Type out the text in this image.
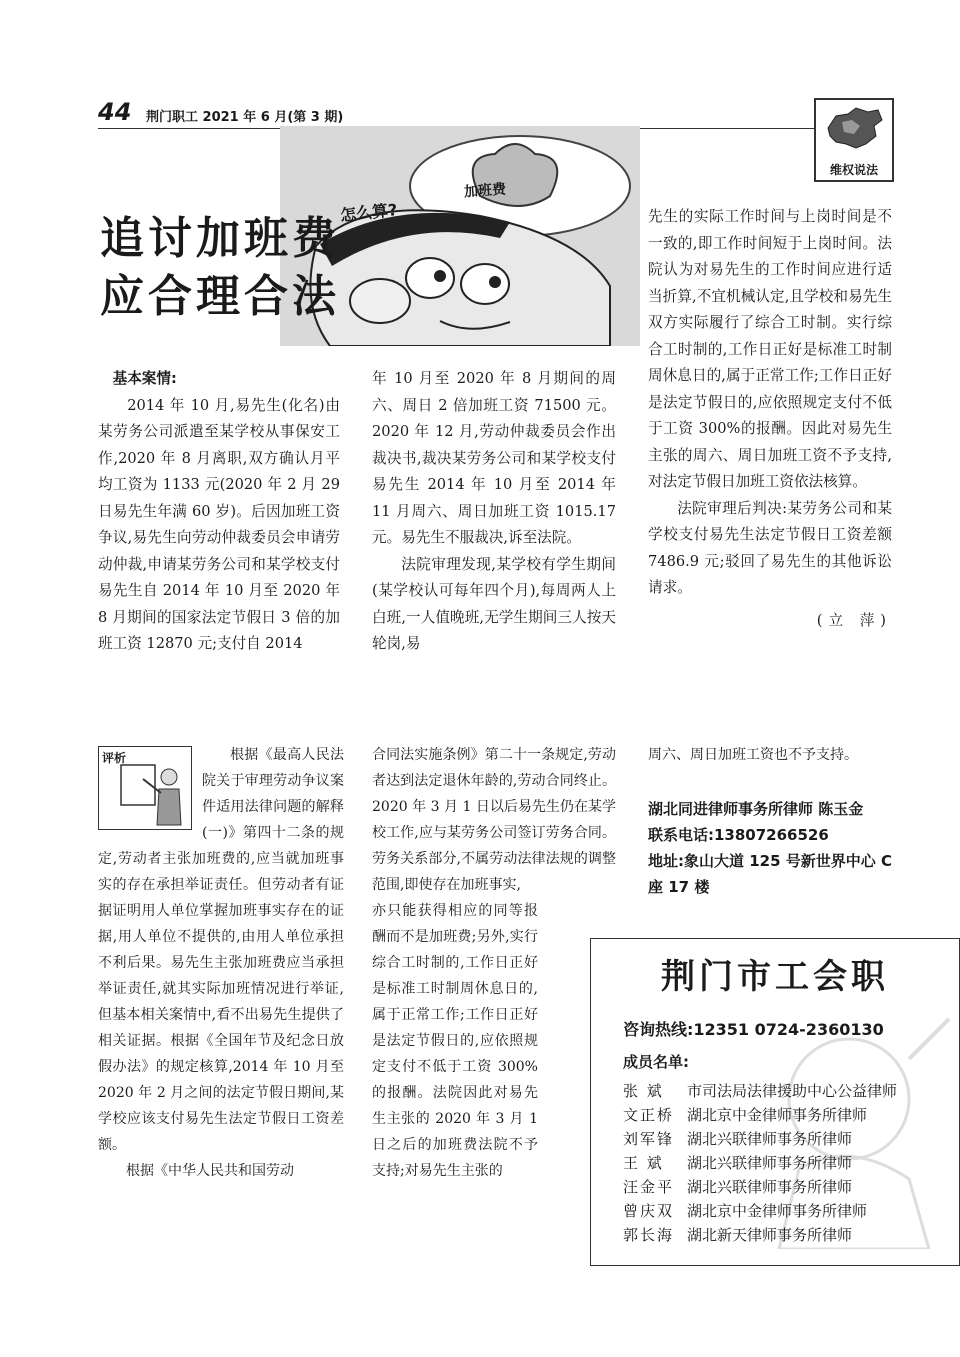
44 荆门职工 2021 年 6 月(第 3 期)
维权说法
加班费
怎么算?
追讨加班费
应合理合法

基本案情:

2014 年 10 月,易先生(化名)由某劳务公司派遣至某学校从事保安工作,2020 年 8 月离职,双方确认月平均工资为 1133 元(2020 年 2 月 29 日易先生年满 60 岁)。后因加班工资争议,易先生向劳动仲裁委员会申请劳动仲裁,申请某劳务公司和某学校支付易先生自 2014 年 10 月至 2020 年 8 月期间的国家法定节假日 3 倍的加班工资 12870 元;支付自 2014

年 10 月至 2020 年 8 月期间的周六、周日 2 倍加班工资 71500 元。2020 年 12 月,劳动仲裁委员会作出裁决书,裁决某劳务公司和某学校支付易先生 2014 年 10 月至 2014 年 11 月周六、周日加班工资 1015.17 元。易先生不服裁决,诉至法院。

法院审理发现,某学校有学生期间(某学校认可每年四个月),每周两人上白班,一人值晚班,无学生期间三人按天轮岗,易

先生的实际工作时间与上岗时间是不一致的,即工作时间短于上岗时间。法院认为对易先生的工作时间应进行适当折算,不宜机械认定,且学校和易先生双方实际履行了综合工时制。实行综合工时制的,工作日正好是标准工时制周休息日的,属于正常工作;工作日正好是法定节假日的,应依照规定支付不低于工资 300%的报酬。因此对易先生主张的周六、周日加班工资不予支持,对法定节假日加班工资依法核算。

法院审理后判决:某劳务公司和某学校支付易先生法定节假日工资差额 7486.9 元;驳回了易先生的其他诉讼请求。

(立 萍)

根据《最高人民法院关于审理劳动争议案件适用法律问题的解释(一)》第四十二条的规定,劳动者主张加班费的,应当就加班事实的存在承担举证责任。但劳动者有证据证明用人单位掌握加班事实存在的证据,用人单位不提供的,由用人单位承担不利后果。易先生主张加班费应当承担举证责任,就其实际加班情况进行举证,但基本相关案情中,看不出易先生提供了相关证据。根据《全国年节及纪念日放假办法》的规定核算,2014 年 10 月至 2020 年 2 月之间的法定节假日期间,某学校应该支付易先生法定节假日工资差额。

根据《中华人民共和国劳动

评析	合同法实施条例》第二十一条规定,劳动者达到法定退休年龄的,劳动合同终止。2020 年 3 月 1 日以后易先生仍在某学校工作,应与某劳务公司签订劳务合同。劳务关系部分,不属劳动法律法规的调整范围,即使存在加班事实,

亦只能获得相应的同等报酬而不是加班费;另外,实行综合工时制的,工作日正好是标准工时制周休息日的,属于正常工作;工作日正好是法定节假日的,应依照规定支付不低于工资 300%的报酬。法院因此对易先生主张的 2020 年 3 月 1 日之后的加班费法院不予支持;对易先生主张的

周六、周日加班工资也不予支持。

湖北同进律师事务所律师 陈玉金
联系电话:13807266526
地址:象山大道 125 号新世界中心 C 座 17 楼
荆门市工会职
咨询热线:12351 0724-2360130
成员名单:
张 斌	市司法局法律援助中心公益律师
文正桥 湖北京中金律师事务所律师
刘军锋 湖北兴联律师事务所律师
王 斌	湖北兴联律师事务所律师
汪金平 湖北兴联律师事务所律师
曾庆双 湖北京中金律师事务所律师
郭长海 湖北新天律师事务所律师
